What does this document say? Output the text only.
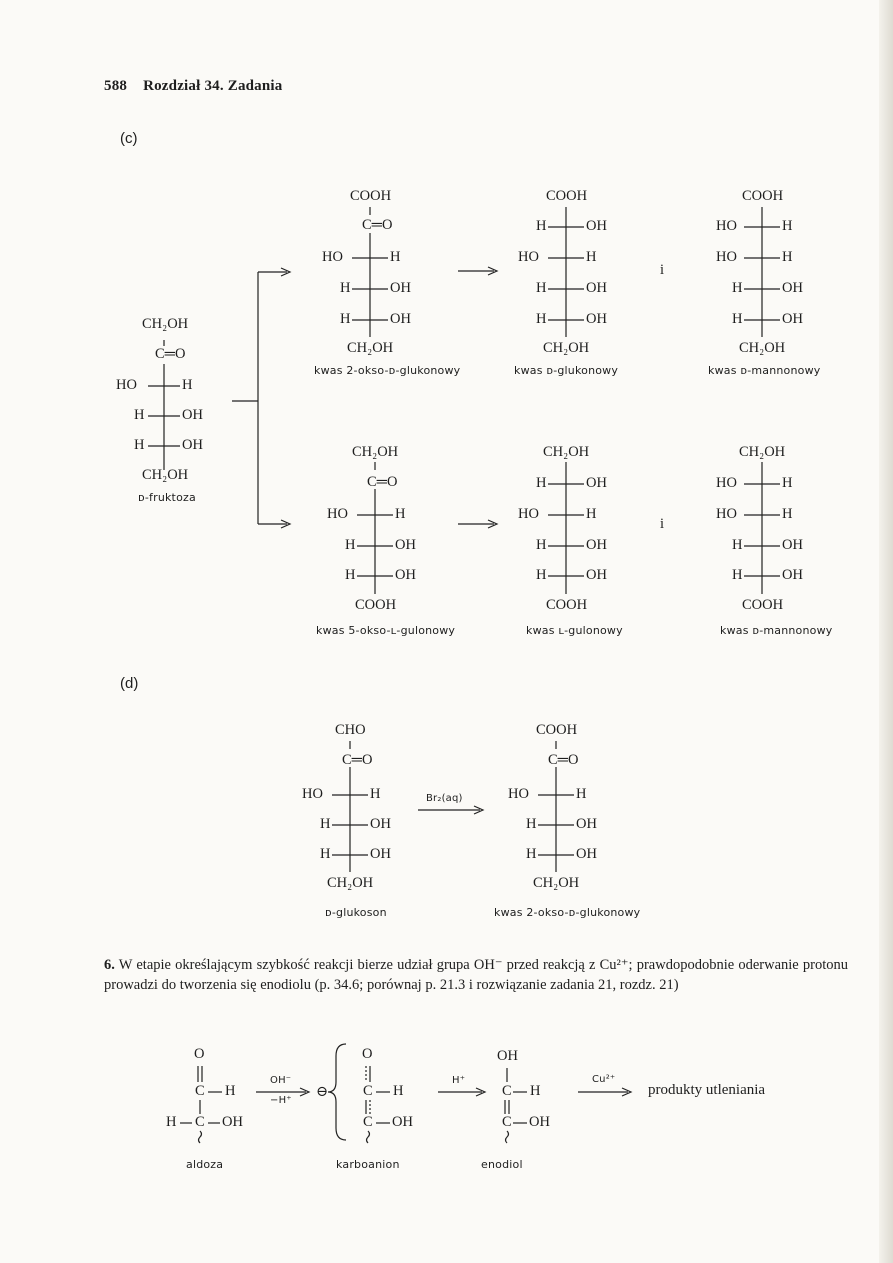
588 Rozdział 34. Zadania
(c)
(d)
CH₂OH
C═O
HO	H
H	OH
H	OH
CH₂OH
ᴅ-fruktoza
COOH
C═O
HO	H
H	OH
H	OH
CH₂OH
kwas 2-okso-ᴅ-glukonowy
COOH
H	OH
HO	H
H	OH
H	OH
CH₂OH
kwas ᴅ-glukonowy
i
COOH
HO	H
HO	H
H	OH
H	OH
CH₂OH
kwas ᴅ-mannonowy
CH₂OH
C═O
HO	H
H	OH
H	OH
COOH
kwas 5-okso-ʟ-gulonowy
CH₂OH
H	OH
HO	H
H	OH
H	OH
COOH
kwas ʟ-gulonowy
i
CH₂OH
HO	H
HO	H
H	OH
H	OH
COOH
kwas ᴅ-mannonowy
CHO
C═O
HO	H
H	OH
H	OH
CH₂OH
ᴅ-glukoson
Br₂(aq)
COOH
C═O
HO	H
H	OH
H	OH
CH₂OH
kwas 2-okso-ᴅ-glukonowy
6. W etapie określającym szybkość reakcji bierze udział grupa OH⁻ przed reakcją z Cu²⁺; prawdopodobnie oderwanie protonu prowadzi do tworzenia się enodiolu (p. 34.6; porównaj p. 21.3 i rozwiązanie zadania 21, rozdz. 21)
O
C H
H C OH
aldoza
OH⁻
−H⁺
⊖
O
C H
C OH
karboanion
H⁺
OH
C H
C OH
enodiol
Cu²⁺
produkty utleniania
